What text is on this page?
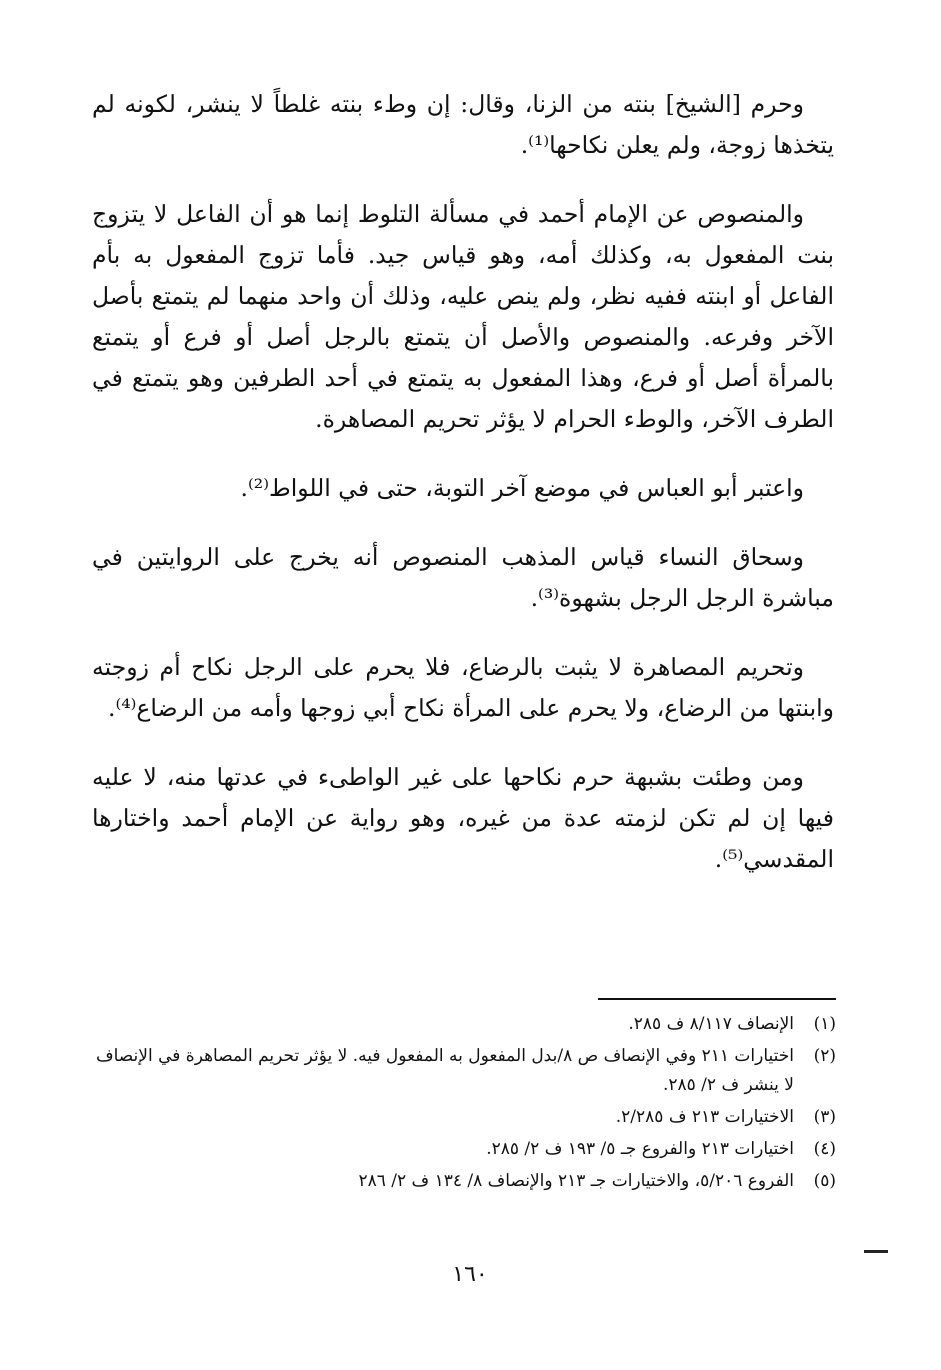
وحرم [الشيخ] بنته من الزنا، وقال: إن وطء بنته غلطاً لا ينشر، لكونه لم يتخذها زوجة، ولم يعلن نكاحها⁽¹⁾.

والمنصوص عن الإمام أحمد في مسألة التلوط إنما هو أن الفاعل لا يتزوج بنت المفعول به، وكذلك أمه، وهو قياس جيد. فأما تزوج المفعول به بأم الفاعل أو ابنته ففيه نظر، ولم ينص عليه، وذلك أن واحد منهما لم يتمتع بأصل الآخر وفرعه. والمنصوص والأصل أن يتمتع بالرجل أصل أو فرع أو يتمتع بالمرأة أصل أو فرع، وهذا المفعول به يتمتع في أحد الطرفين وهو يتمتع في الطرف الآخر، والوطء الحرام لا يؤثر تحريم المصاهرة.

واعتبر أبو العباس في موضع آخر التوبة، حتى في اللواط⁽²⁾.

وسحاق النساء قياس المذهب المنصوص أنه يخرج على الروايتين في مباشرة الرجل الرجل بشهوة⁽³⁾.

وتحريم المصاهرة لا يثبت بالرضاع، فلا يحرم على الرجل نكاح أم زوجته وابنتها من الرضاع، ولا يحرم على المرأة نكاح أبي زوجها وأمه من الرضاع⁽⁴⁾.

ومن وطئت بشبهة حرم نكاحها على غير الواطىء في عدتها منه، لا عليه فيها إن لم تكن لزمته عدة من غيره، وهو رواية عن الإمام أحمد واختارها المقدسي⁽⁵⁾.

(١)
الإنصاف ٨/١١٧ ف ٢٨٥.
(٢)
اختيارات ٢١١ وفي الإنصاف ص ٨/بدل المفعول به المفعول فيه. لا يؤثر تحريم المصاهرة في الإنصاف لا ينشر ف ٢/ ٢٨٥.
(٣)
الاختيارات ٢١٣ ف ٢/٢٨٥.
(٤)
اختيارات ٢١٣ والفروع جـ ٥/ ١٩٣ ف ٢/ ٢٨٥.
(٥)
الفروع ٥/٢٠٦، والاختيارات جـ ٢١٣ والإنصاف ٨/ ١٣٤ ف ٢/ ٢٨٦
١٦٠
